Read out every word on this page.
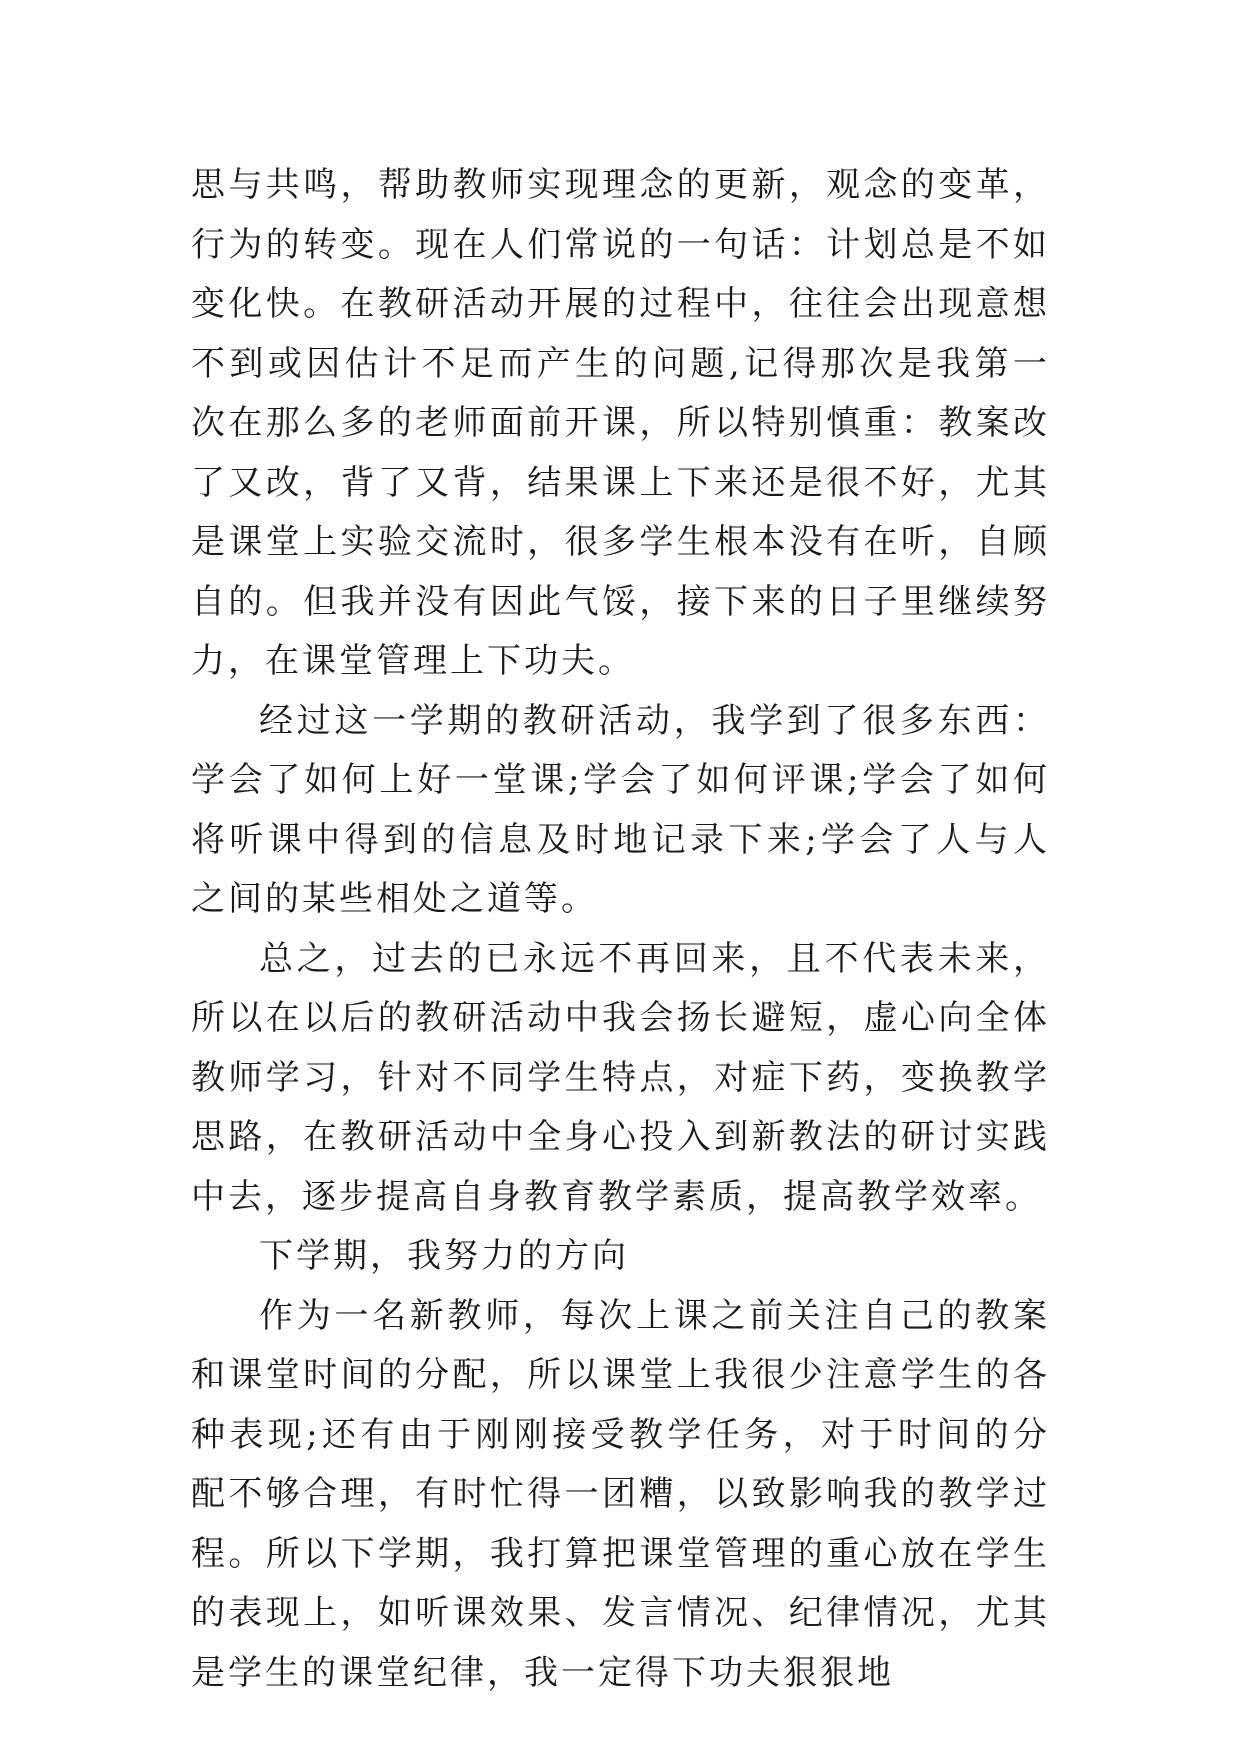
思与共鸣，帮助教师实现理念的更新，观念的变革，行为的转变。现在人们常说的一句话：计划总是不如变化快。在教研活动开展的过程中，往往会出现意想不到或因估计不足而产生的问题,记得那次是我第一次在那么多的老师面前开课，所以特别慎重：教案改了又改，背了又背，结果课上下来还是很不好，尤其是课堂上实验交流时，很多学生根本没有在听，自顾自的。但我并没有因此气馁，接下来的日子里继续努力，在课堂管理上下功夫。

经过这一学期的教研活动，我学到了很多东西：学会了如何上好一堂课;学会了如何评课;学会了如何将听课中得到的信息及时地记录下来;学会了人与人之间的某些相处之道等。

总之，过去的已永远不再回来，且不代表未来，所以在以后的教研活动中我会扬长避短，虚心向全体教师学习，针对不同学生特点，对症下药，变换教学思路，在教研活动中全身心投入到新教法的研讨实践中去，逐步提高自身教育教学素质，提高教学效率。

下学期，我努力的方向

作为一名新教师，每次上课之前关注自己的教案和课堂时间的分配，所以课堂上我很少注意学生的各种表现;还有由于刚刚接受教学任务，对于时间的分配不够合理，有时忙得一团糟，以致影响我的教学过程。所以下学期，我打算把课堂管理的重心放在学生的表现上，如听课效果、发言情况、纪律情况，尤其是学生的课堂纪律，我一定得下功夫狠狠地
